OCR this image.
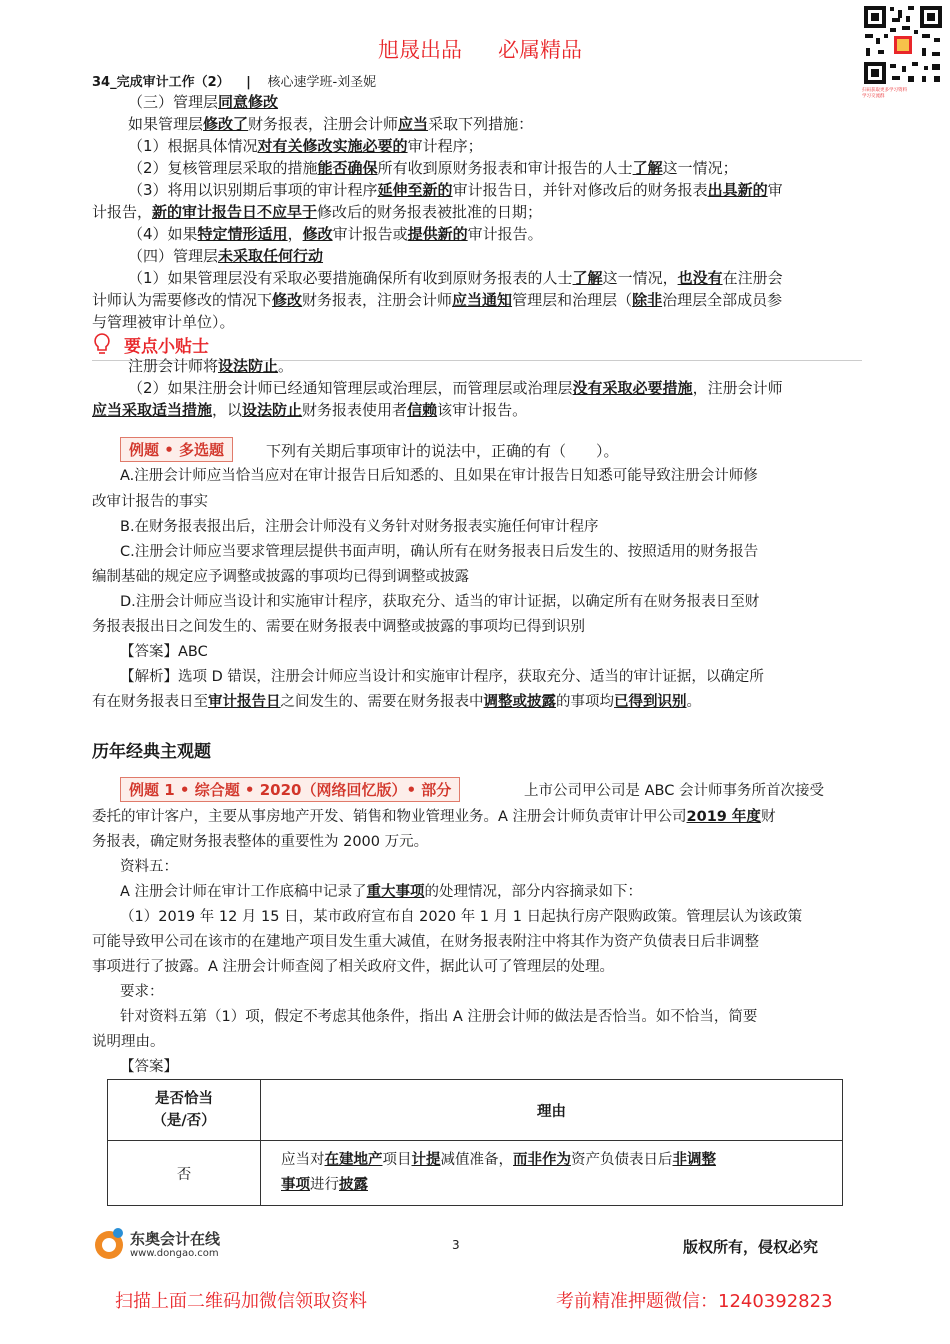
旭晟出品 必属精品
扫码获取更多学习资料
学习交流群
34_完成审计工作（2） | 核心速学班-刘圣妮
（三）管理层同意修改
如果管理层修改了财务报表，注册会计师应当采取下列措施：
（1）根据具体情况对有关修改实施必要的审计程序；
（2）复核管理层采取的措施能否确保所有收到原财务报表和审计报告的人士了解这一情况；
（3）将用以识别期后事项的审计程序延伸至新的审计报告日，并针对修改后的财务报表出具新的审
计报告，新的审计报告日不应早于修改后的财务报表被批准的日期；
（4）如果特定情形适用，修改审计报告或提供新的审计报告。
（四）管理层未采取任何行动
（1）如果管理层没有采取必要措施确保所有收到原财务报表的人士了解这一情况，也没有在注册会
计师认为需要修改的情况下修改财务报表，注册会计师应当通知管理层和治理层（除非治理层全部成员参
与管理被审计单位）。
要点小贴士
注册会计师将设法防止。
（2）如果注册会计师已经通知管理层或治理层，而管理层或治理层没有采取必要措施，注册会计师
应当采取适当措施，以设法防止财务报表使用者信赖该审计报告。
例题 • 多选题	下列有关期后事项审计的说法中，正确的有（　　）。
A.注册会计师应当恰当应对在审计报告日后知悉的、且如果在审计报告日知悉可能导致注册会计师修
改审计报告的事实
B.在财务报表报出后，注册会计师没有义务针对财务报表实施任何审计程序
C.注册会计师应当要求管理层提供书面声明，确认所有在财务报表日后发生的、按照适用的财务报告
编制基础的规定应予调整或披露的事项均已得到调整或披露
D.注册会计师应当设计和实施审计程序，获取充分、适当的审计证据，以确定所有在财务报表日至财
务报表报出日之间发生的、需要在财务报表中调整或披露的事项均已得到识别
【答案】ABC
【解析】选项 D 错误，注册会计师应当设计和实施审计程序，获取充分、适当的审计证据，以确定所
有在财务报表日至审计报告日之间发生的、需要在财务报表中调整或披露的事项均已得到识别。
历年经典主观题
例题 1 • 综合题 • 2020（网络回忆版）• 部分	上市公司甲公司是 ABC 会计师事务所首次接受
委托的审计客户，主要从事房地产开发、销售和物业管理业务。A 注册会计师负责审计甲公司2019 年度财
务报表，确定财务报表整体的重要性为 2000 万元。
资料五：
A 注册会计师在审计工作底稿中记录了重大事项的处理情况，部分内容摘录如下：
（1）2019 年 12 月 15 日，某市政府宣布自 2020 年 1 月 1 日起执行房产限购政策。管理层认为该政策
可能导致甲公司在该市的在建地产项目发生重大减值，在财务报表附注中将其作为资产负债表日后非调整
事项进行了披露。A 注册会计师查阅了相关政府文件，据此认可了管理层的处理。
要求：
针对资料五第（1）项，假定不考虑其他条件，指出 A 注册会计师的做法是否恰当。如不恰当，简要
说明理由。
【答案】
是否恰当
（是/否）	理由
否	应当对在建地产项目计提减值准备，而非作为资产负债表日后非调整
事项进行披露
东奥会计在线
www.dongao.com
3	版权所有，侵权必究
扫描上面二维码加微信领取资料	考前精准押题微信：1240392823
